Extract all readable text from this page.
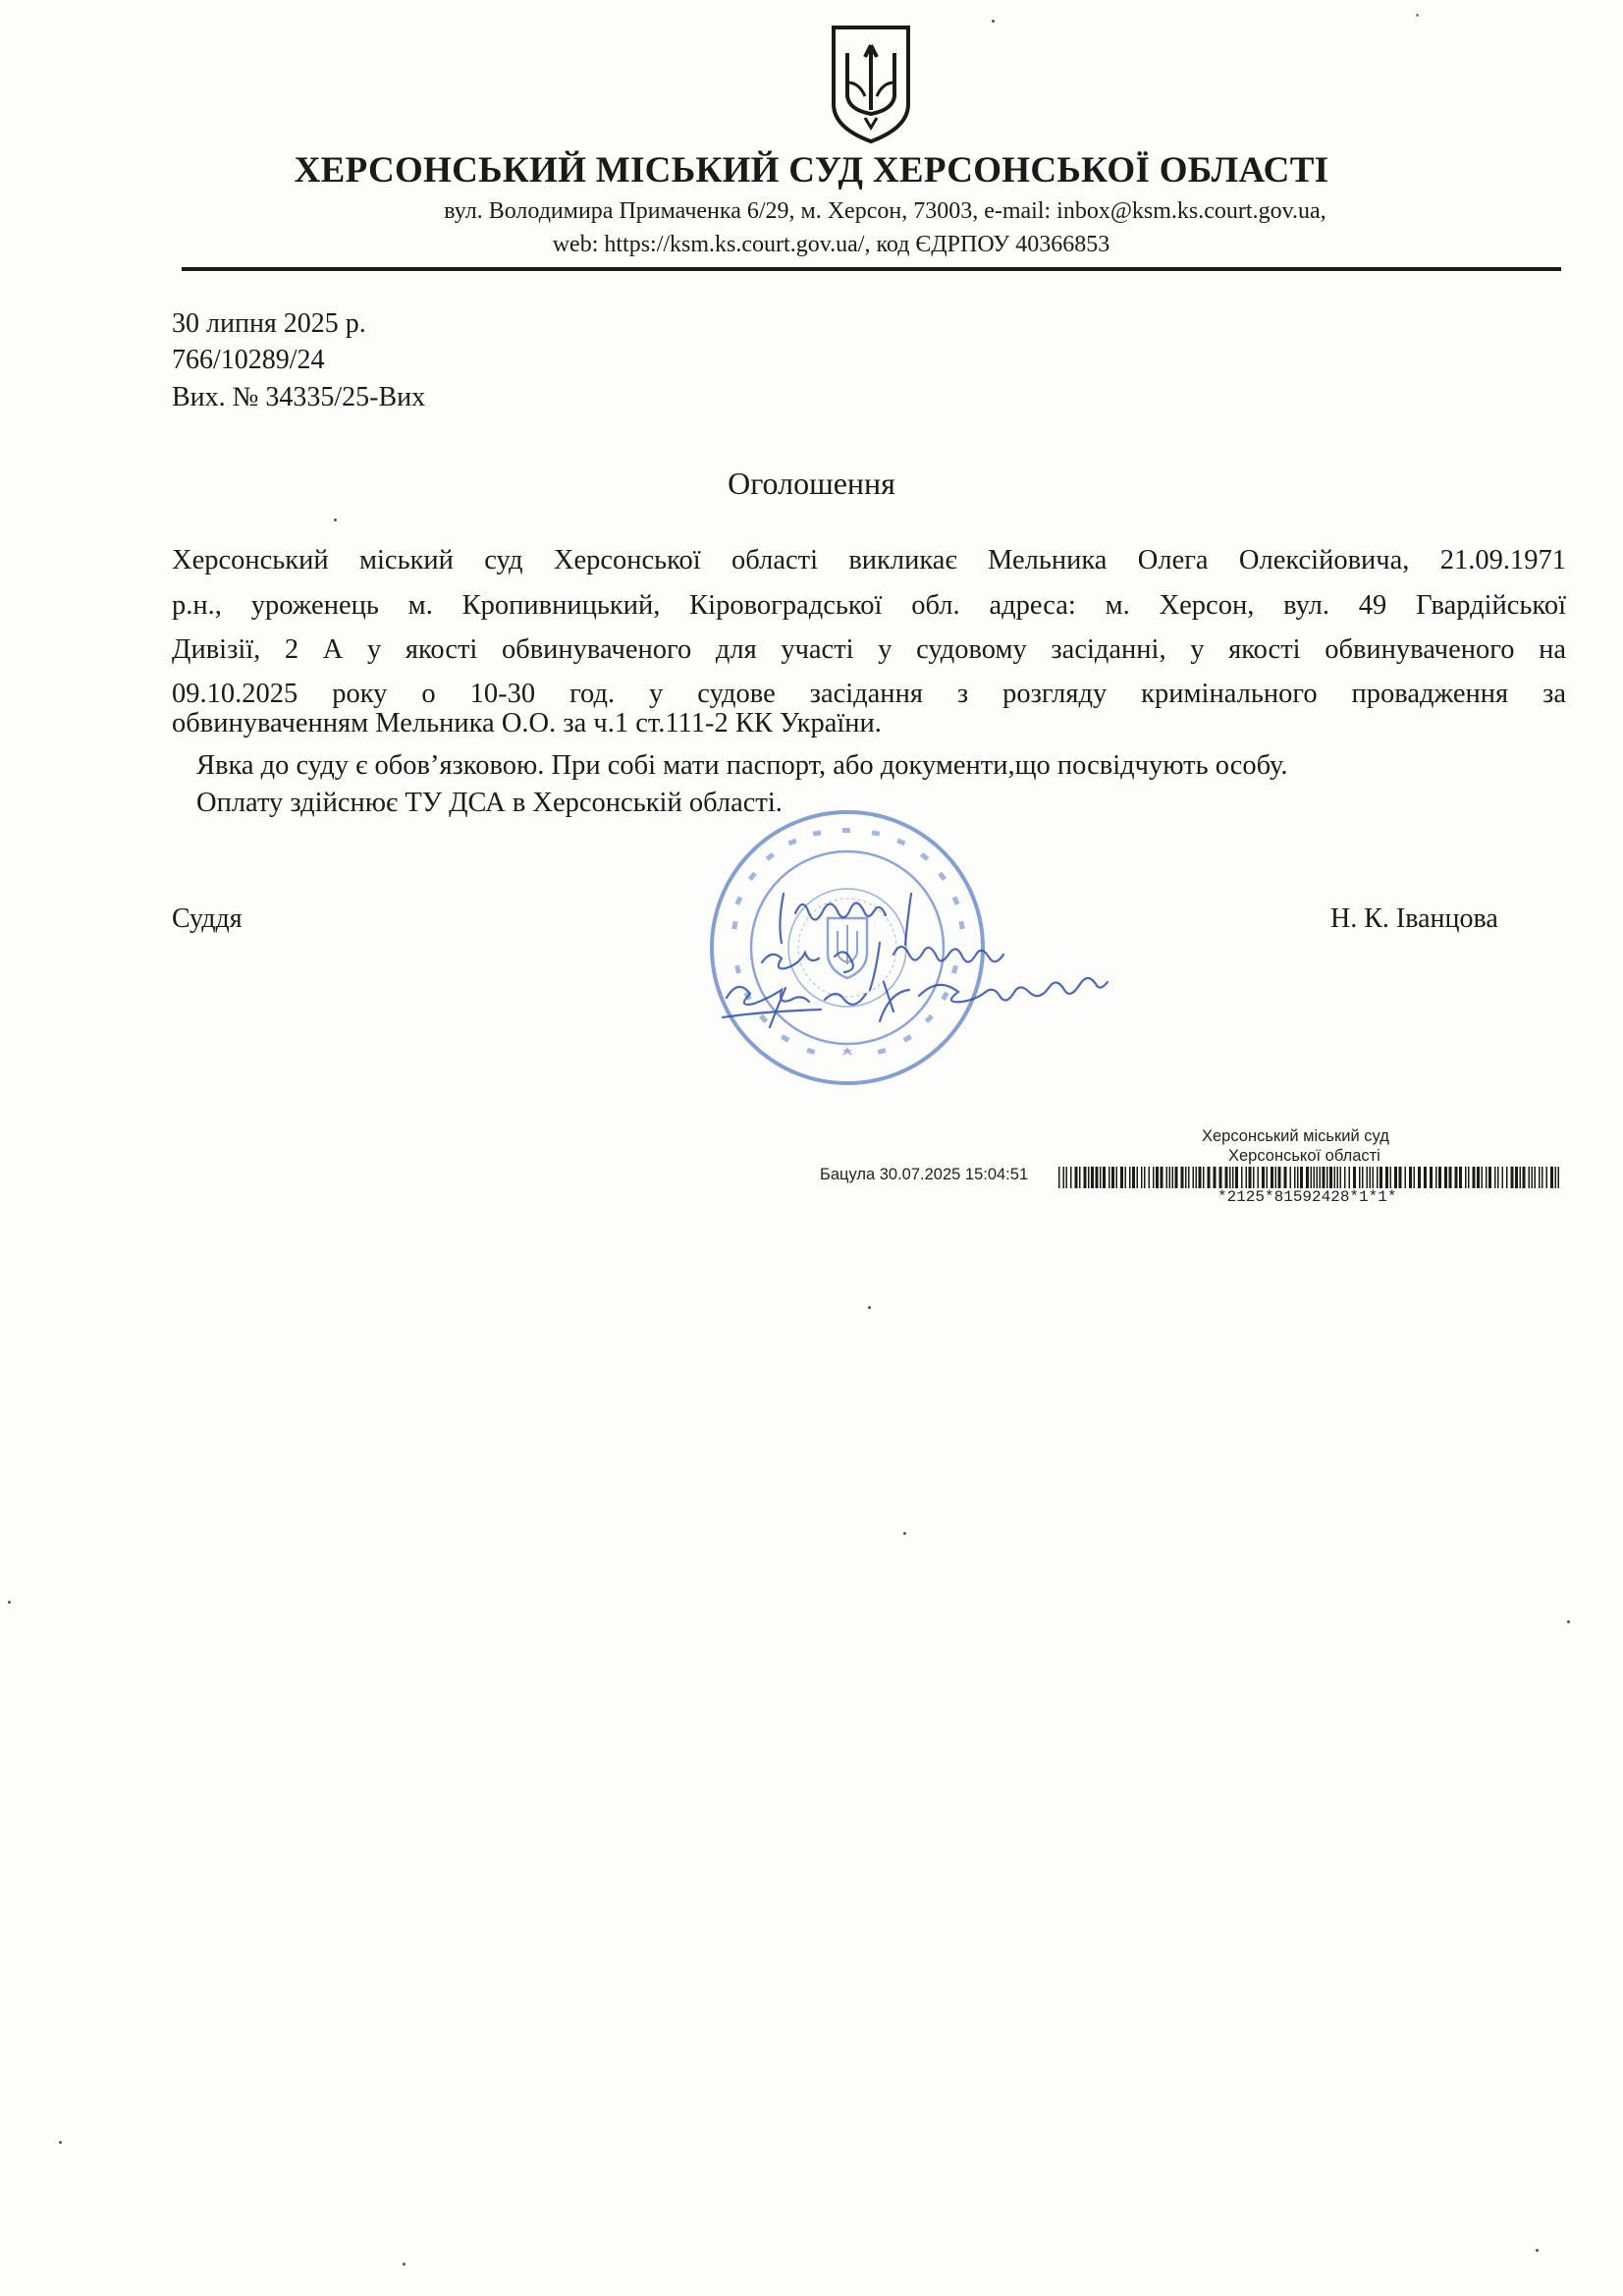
ХЕРСОНСЬКИЙ МІСЬКИЙ СУД ХЕРСОНСЬКОЇ ОБЛАСТІ
вул. Володимира Примаченка 6/29, м. Херсон, 73003, e-mail: inbox@ksm.ks.court.gov.ua,
web: https://ksm.ks.court.gov.ua/, код ЄДРПОУ 40366853
30 липня 2025 р.
766/10289/24
Вих. № 34335/25-Вих
Оголошення
Херсонський міський суд Херсонської області викликає Мельника Олега Олексійовича, 21.09.1971
р.н., уроженець м. Кропивницький, Кіровоградської обл. адреса: м. Херсон, вул. 49 Гвардійської
Дивізії, 2 А у якості обвинуваченого для участі у судовому засіданні, у якості обвинуваченого на
09.10.2025 року о 10-30 год. у судове засідання з розгляду кримінального провадження за
обвинуваченням Мельника О.О. за ч.1 ст.111-2 КК України.
Явка до суду є обов’язковою. При собі мати паспорт, або документи,що посвідчують особу.
Оплату здійснює ТУ ДСА в Херсонській області.
Суддя	Н. К. Іванцова
Херсонський міський суд
Херсонської області
Бацула 30.07.2025 15:04:51
*2125*81592428*1*1*
